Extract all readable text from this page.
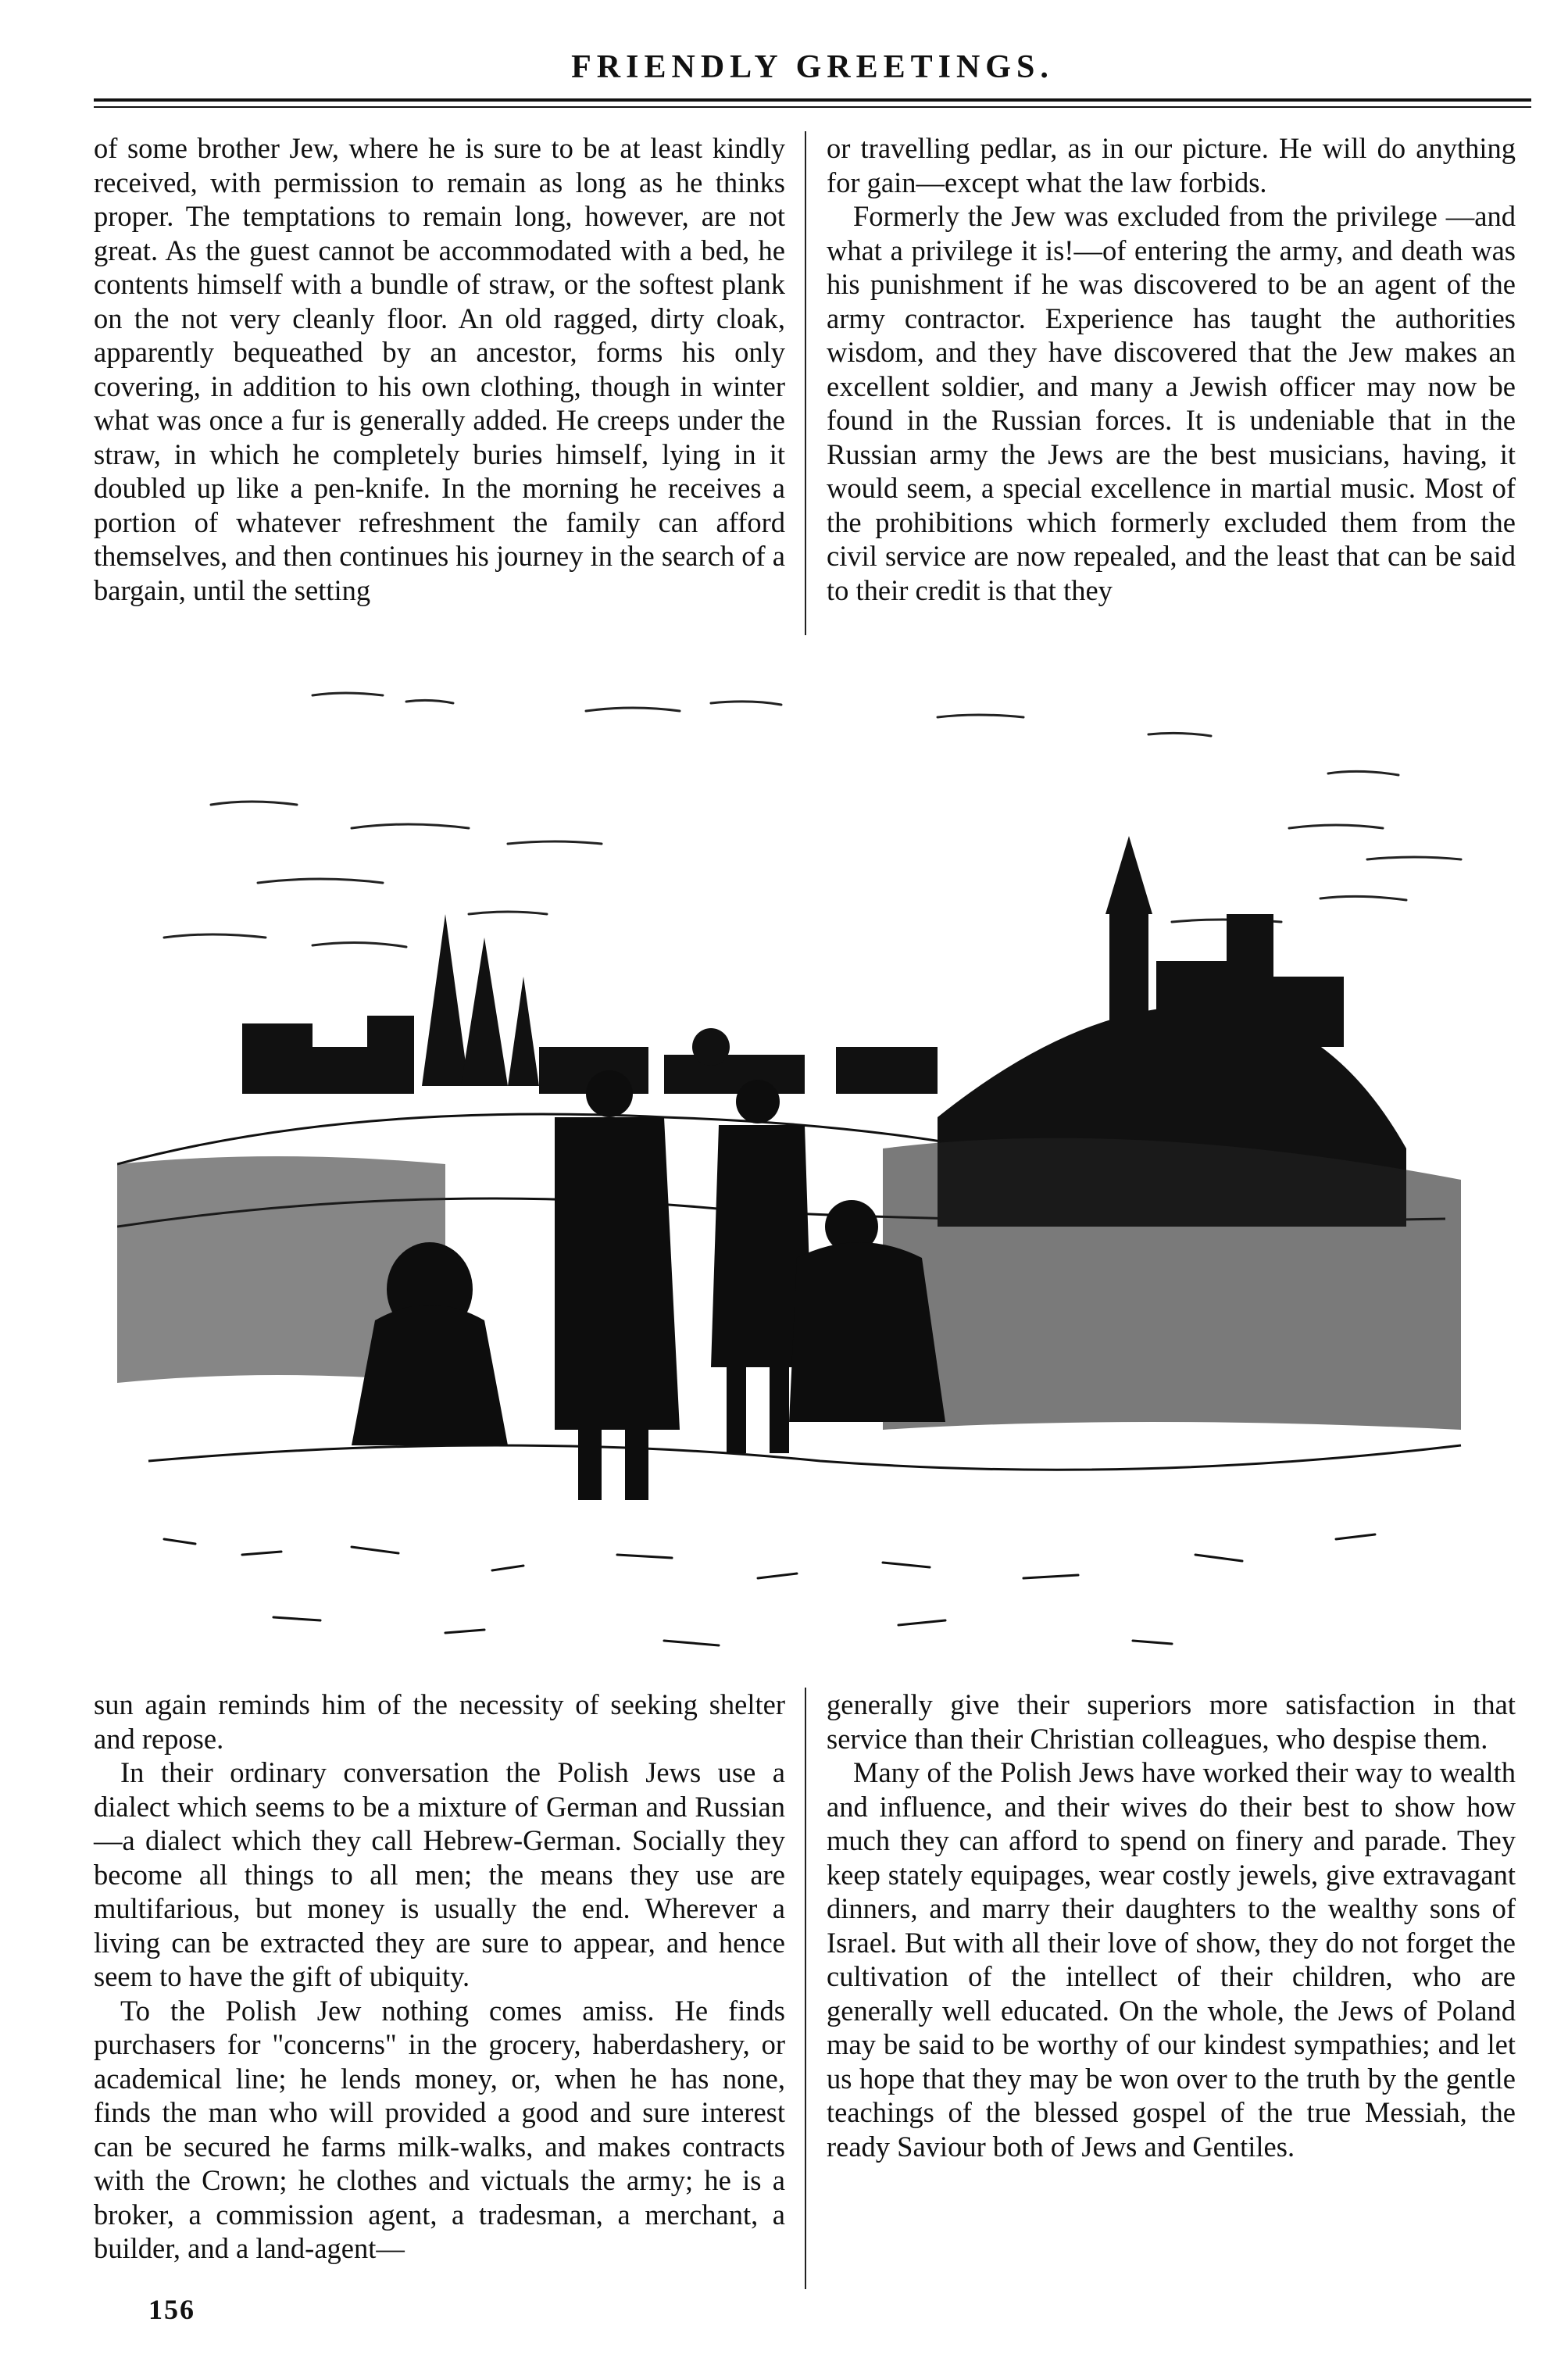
FRIENDLY GREETINGS.

of some brother Jew, where he is sure to be at least kindly received, with permission to remain as long as he thinks proper. The temptations to remain long, however, are not great. As the guest cannot be accommodated with a bed, he contents himself with a bundle of straw, or the softest plank on the not very cleanly floor. An old ragged, dirty cloak, apparently bequeathed by an ancestor, forms his only covering, in addition to his own clothing, though in winter what was once a fur is generally added. He creeps under the straw, in which he completely buries himself, lying in it doubled up like a pen-knife. In the morning he receives a portion of whatever refreshment the family can afford themselves, and then continues his journey in the search of a bargain, until the setting

or travelling pedlar, as in our picture. He will do anything for gain—except what the law forbids.

Formerly the Jew was excluded from the privilege —and what a privilege it is!—of entering the army, and death was his punishment if he was discovered to be an agent of the army contractor. Experience has taught the authorities wisdom, and they have discovered that the Jew makes an excellent soldier, and many a Jewish officer may now be found in the Russian forces. It is undeniable that in the Russian army the Jews are the best musicians, having, it would seem, a special excellence in martial music. Most of the prohibitions which formerly excluded them from the civil service are now repealed, and the least that can be said to their credit is that they

sun again reminds him of the necessity of seeking shelter and repose.

In their ordinary conversation the Polish Jews use a dialect which seems to be a mixture of German and Russian—a dialect which they call Hebrew-German. Socially they become all things to all men; the means they use are multifarious, but money is usually the end. Wherever a living can be extracted they are sure to appear, and hence seem to have the gift of ubiquity.

To the Polish Jew nothing comes amiss. He finds purchasers for "concerns" in the grocery, haberdashery, or academical line; he lends money, or, when he has none, finds the man who will provided a good and sure interest can be secured he farms milk-walks, and makes contracts with the Crown; he clothes and victuals the army; he is a broker, a commission agent, a tradesman, a merchant, a builder, and a land-agent—

generally give their superiors more satisfaction in that service than their Christian colleagues, who despise them.

Many of the Polish Jews have worked their way to wealth and influence, and their wives do their best to show how much they can afford to spend on finery and parade. They keep stately equipages, wear costly jewels, give extravagant dinners, and marry their daughters to the wealthy sons of Israel. But with all their love of show, they do not forget the cultivation of the intellect of their children, who are generally well educated. On the whole, the Jews of Poland may be said to be worthy of our kindest sympathies; and let us hope that they may be won over to the truth by the gentle teachings of the blessed gospel of the true Messiah, the ready Saviour both of Jews and Gentiles.

156
